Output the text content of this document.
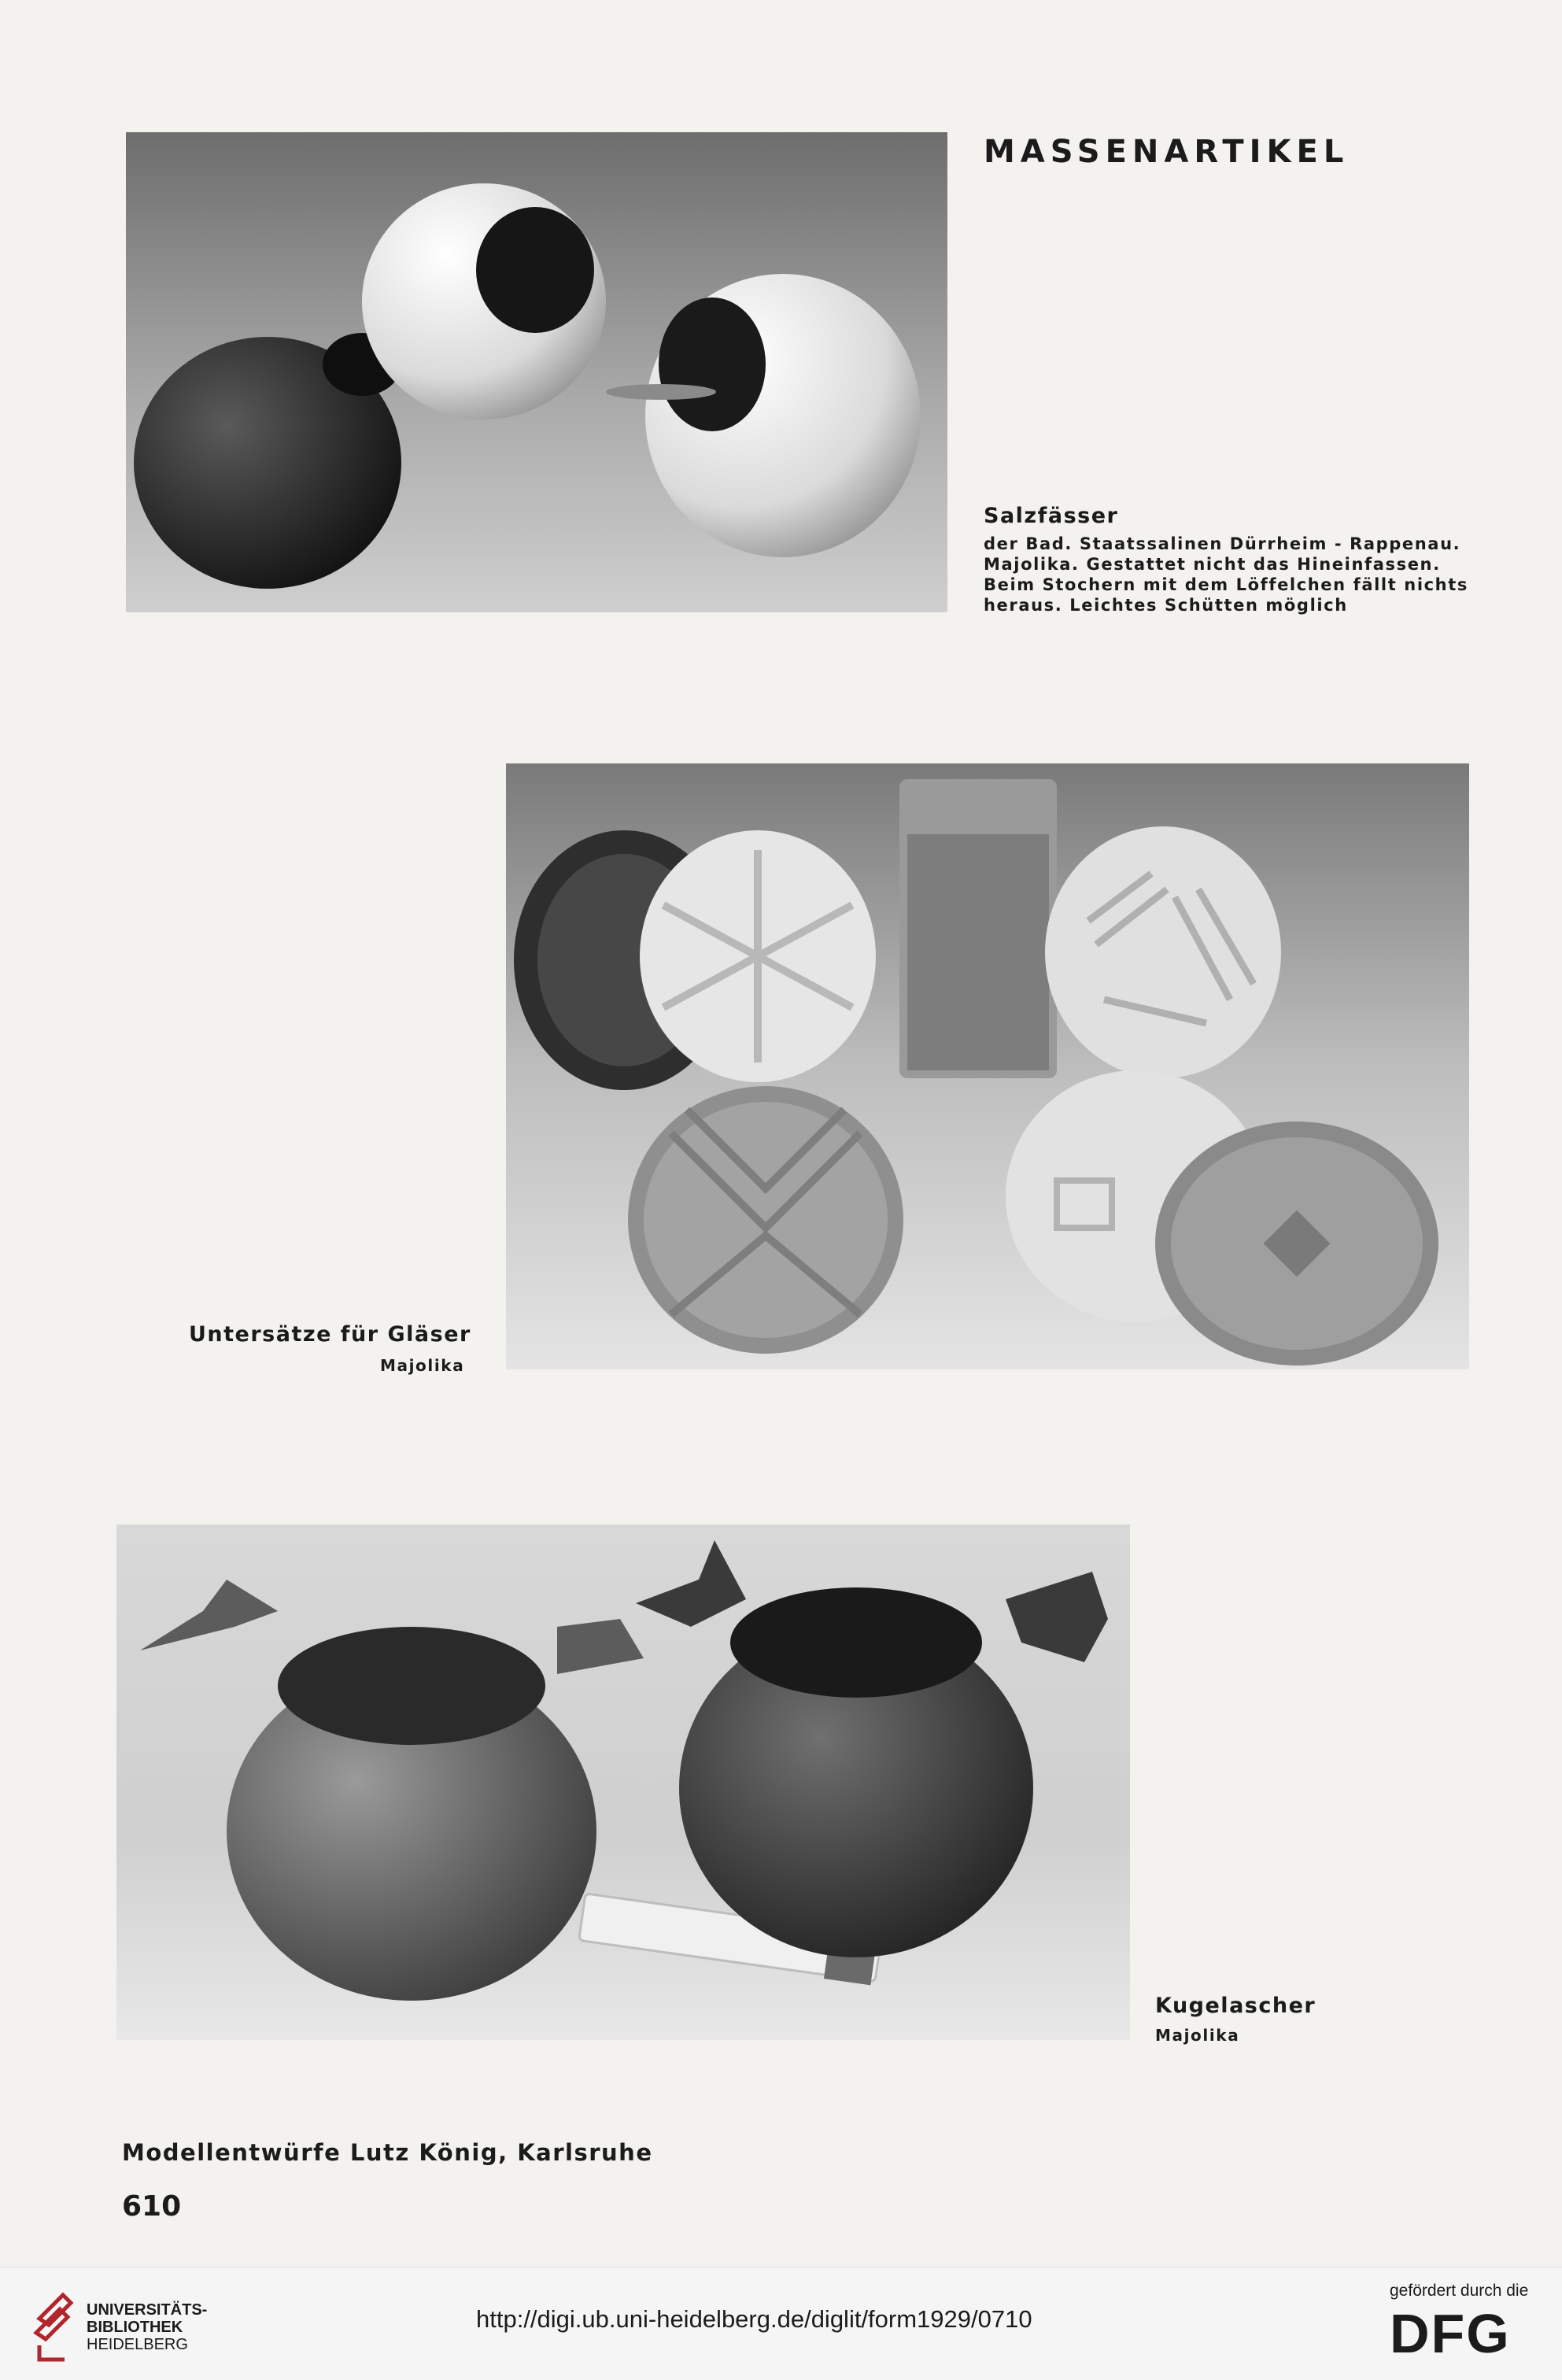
MASSENARTIKEL
Salzfässer
der Bad. Staatssalinen Dürrheim - Rappenau.
Majolika. Gestattet nicht das Hineinfassen.
Beim Stochern mit dem Löffelchen fällt nichts
heraus. Leichtes Schütten möglich
Untersätze für Gläser
Majolika
Kugelascher
Majolika
Modellentwürfe Lutz König, Karlsruhe
610
UNIVERSITÄTS-
BIBLIOTHEK
HEIDELBERG
http://digi.ub.uni-heidelberg.de/diglit/form1929/0710
gefördert durch die
DFG
